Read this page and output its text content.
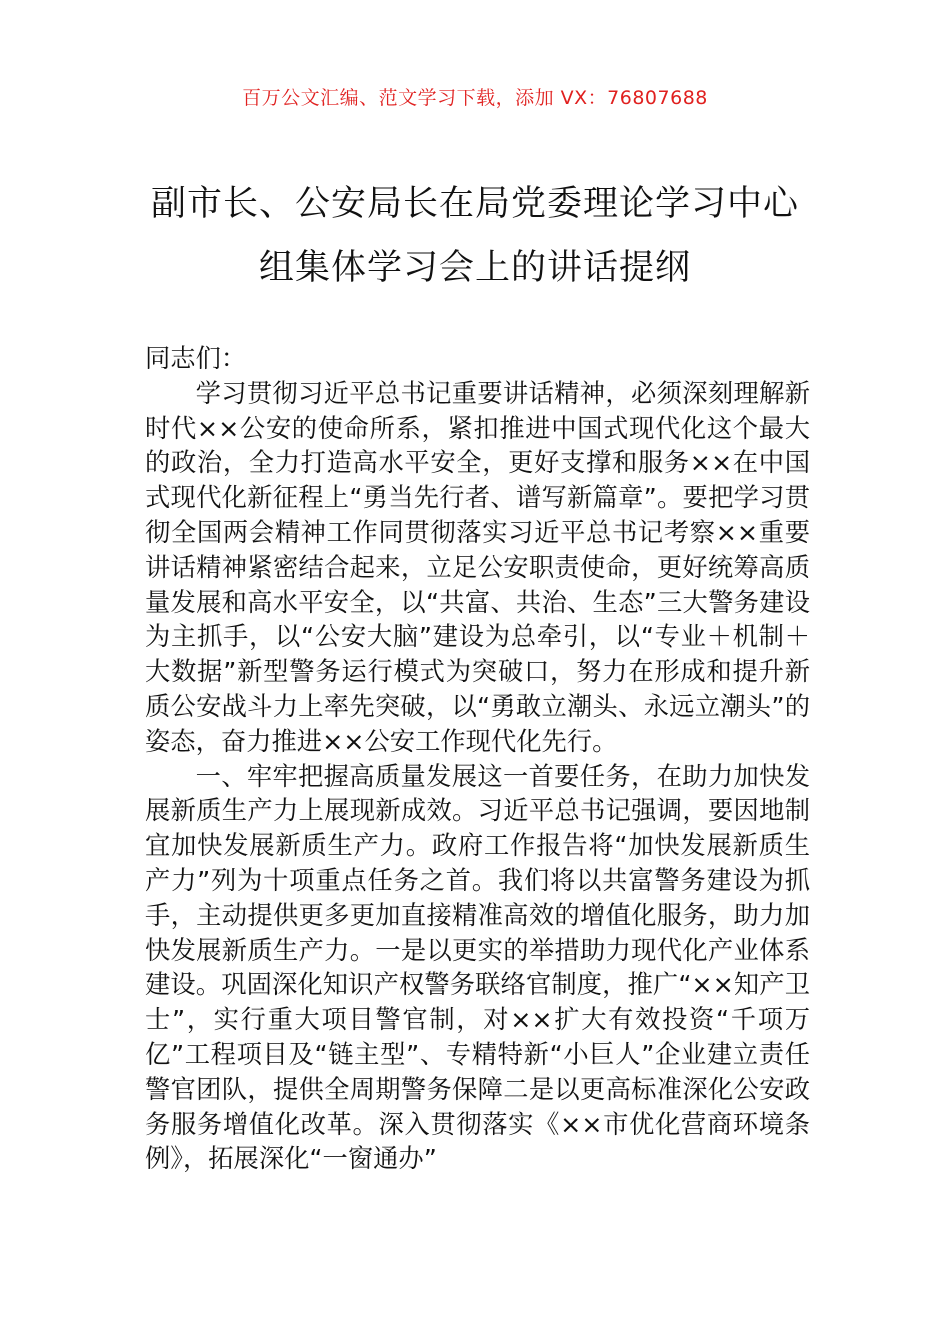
百万公文汇编、范文学习下载，添加 VX：76807688
副市长、公安局长在局党委理论学习中心
组集体学习会上的讲话提纲

同志们：

学习贯彻习近平总书记重要讲话精神，必须深刻理解新时代××公安的使命所系，紧扣推进中国式现代化这个最大的政治，全力打造高水平安全，更好支撑和服务××在中国式现代化新征程上“勇当先行者、谱写新篇章”。要把学习贯彻全国两会精神工作同贯彻落实习近平总书记考察××重要讲话精神紧密结合起来，立足公安职责使命，更好统筹高质量发展和高水平安全，以“共富、共治、生态”三大警务建设为主抓手，以“公安大脑”建设为总牵引，以“专业＋机制＋大数据”新型警务运行模式为突破口，努力在形成和提升新质公安战斗力上率先突破，以“勇敢立潮头、永远立潮头”的姿态，奋力推进××公安工作现代化先行。

一、牢牢把握高质量发展这一首要任务，在助力加快发展新质生产力上展现新成效。习近平总书记强调，要因地制宜加快发展新质生产力。政府工作报告将“加快发展新质生产力”列为十项重点任务之首。我们将以共富警务建设为抓手，主动提供更多更加直接精准高效的增值化服务，助力加快发展新质生产力。一是以更实的举措助力现代化产业体系建设。巩固深化知识产权警务联络官制度，推广“××知产卫士”，实行重大项目警官制，对××扩大有效投资“千项万亿”工程项目及“链主型”、专精特新“小巨人”企业建立责任警官团队，提供全周期警务保障二是以更高标准深化公安政务服务增值化改革。深入贯彻落实《××市优化营商环境条例》，拓展深化“一窗通办”
